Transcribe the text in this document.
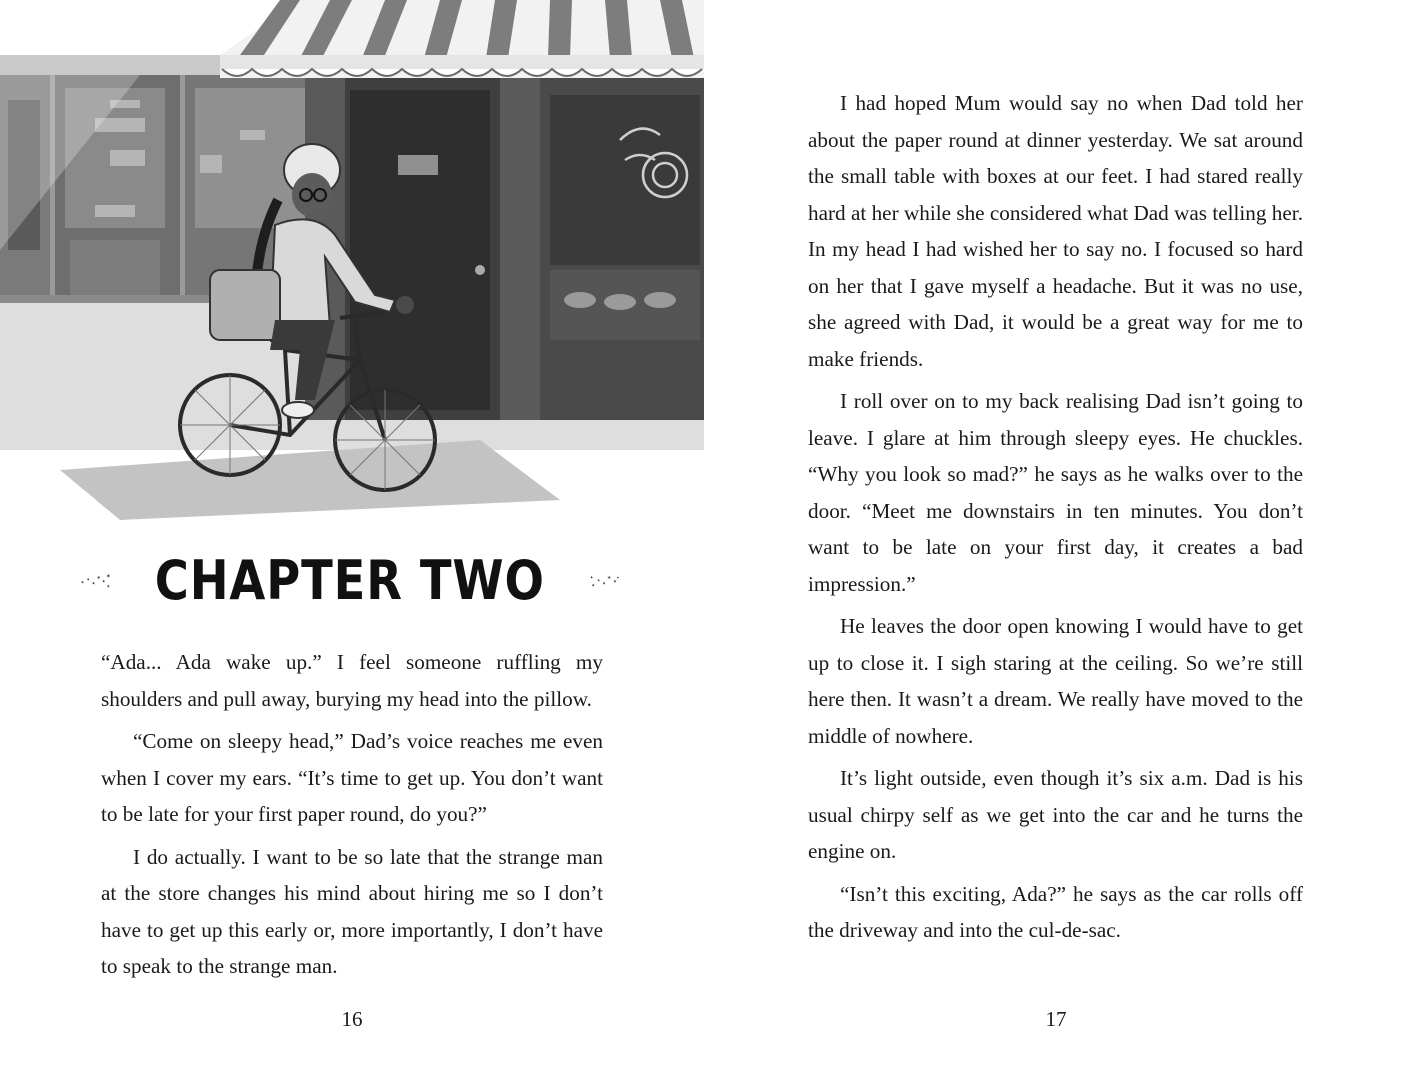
★ ✦
★
✶
★
✶
★ CHAPTER TWO	✦
★
✶ ★
✶
★
✦

“Ada... Ada wake up.” I feel someone ruffling my shoulders and pull away, burying my head into the pillow.

“Come on sleepy head,” Dad’s voice reaches me even when I cover my ears. “It’s time to get up. You don’t want to be late for your first paper round, do you?”

I do actually. I want to be so late that the strange man at the store changes his mind about hiring me so I don’t have to get up this early or, more importantly, I don’t have to speak to the strange man.

16

I had hoped Mum would say no when Dad told her about the paper round at dinner yesterday. We sat around the small table with boxes at our feet. I had stared really hard at her while she considered what Dad was telling her. In my head I had wished her to say no. I focused so hard on her that I gave myself a headache. But it was no use, she agreed with Dad, it would be a great way for me to make friends.

I roll over on to my back realising Dad isn’t going to leave. I glare at him through sleepy eyes. He chuckles. “Why you look so mad?” he says as he walks over to the door. “Meet me downstairs in ten minutes. You don’t want to be late on your first day, it creates a bad impression.”

He leaves the door open knowing I would have to get up to close it. I sigh staring at the ceiling. So we’re still here then. It wasn’t a dream. We really have moved to the middle of nowhere.

It’s light outside, even though it’s six a.m. Dad is his usual chirpy self as we get into the car and he turns the engine on.

“Isn’t this exciting, Ada?” he says as the car rolls off the driveway and into the cul-de-sac.

17
